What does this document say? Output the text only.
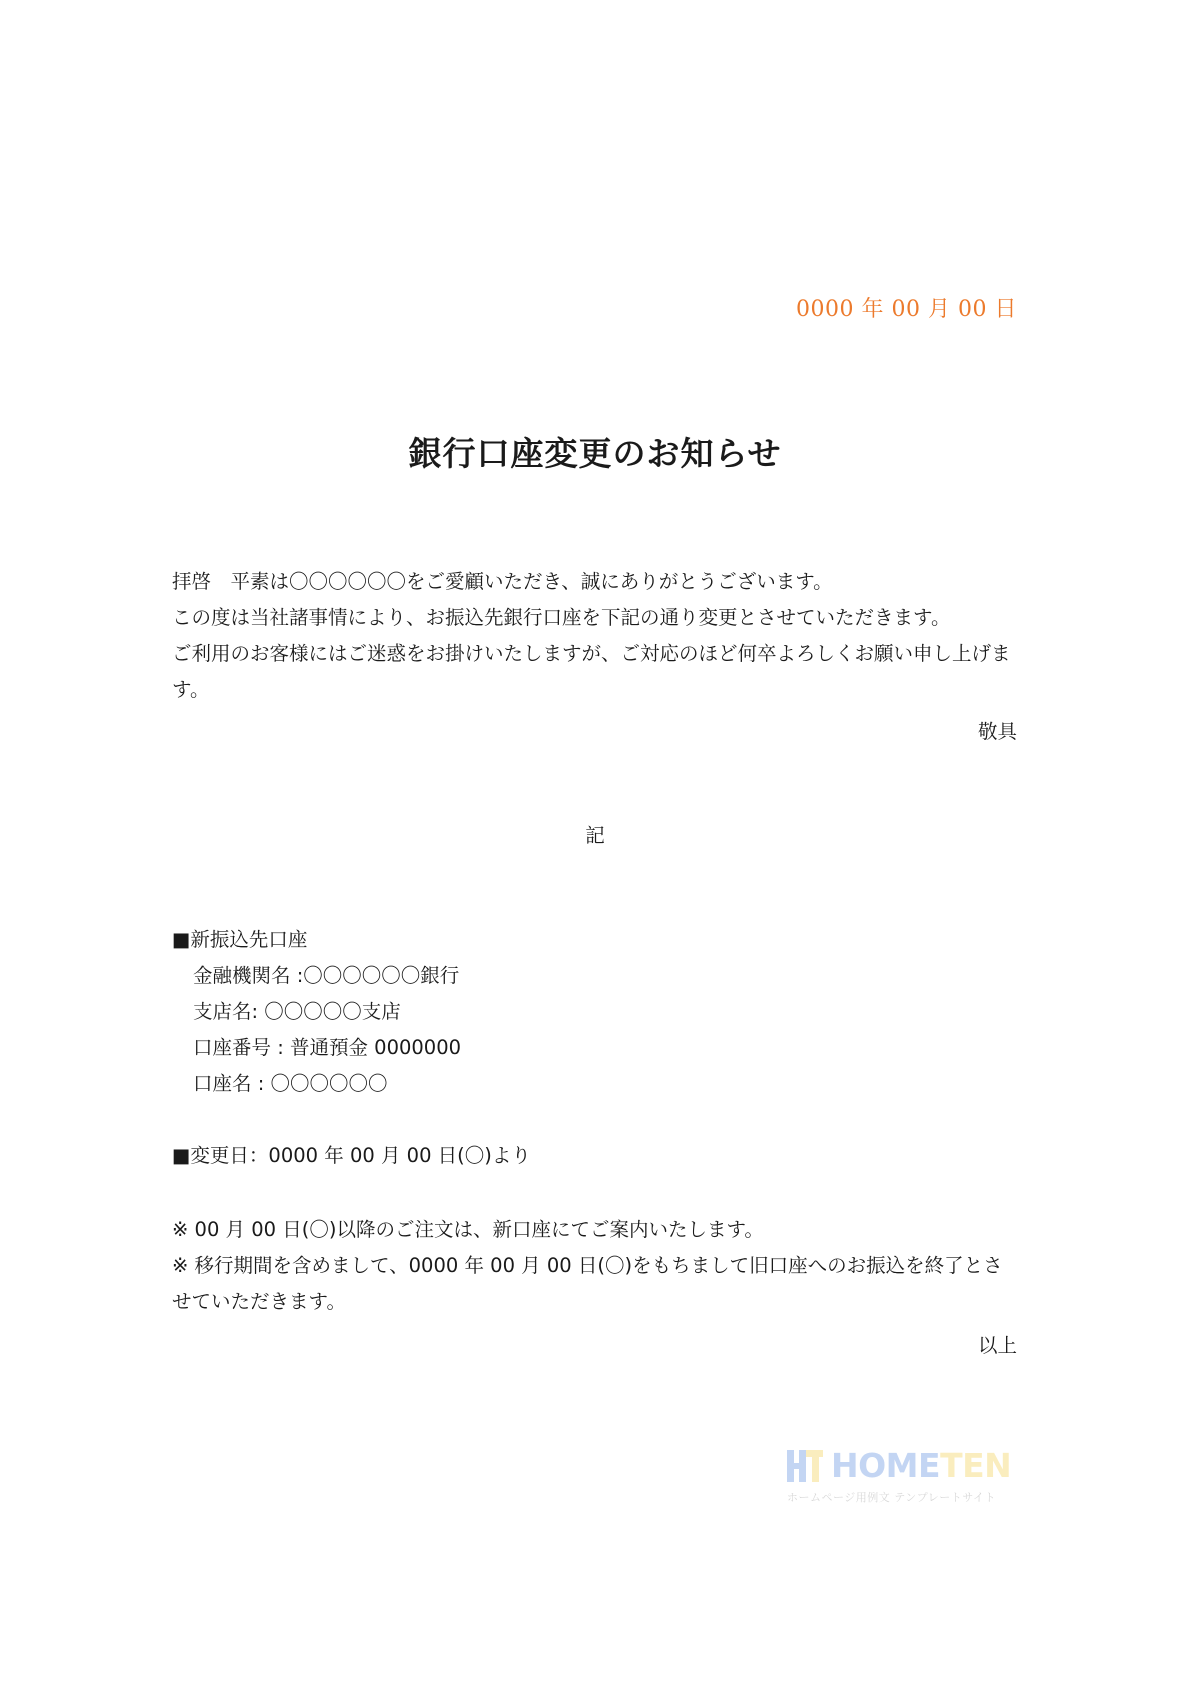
0000 年 00 月 00 日
銀行口座変更のお知らせ

拝啓　平素は〇〇〇〇〇〇をご愛顧いただき、誠にありがとうございます。

この度は当社諸事情により、お振込先銀行口座を下記の通り変更とさせていただきます。

ご利用のお客様にはご迷惑をお掛けいたしますが、ご対応のほど何卒よろしくお願い申し上げます。

敬具
記

■新振込先口座

金融機関名 :〇〇〇〇〇〇銀行

支店名: 〇〇〇〇〇支店

口座番号 : 普通預金 0000000

口座名 : 〇〇〇〇〇〇

■変更日：0000 年 00 月 00 日(〇)より

※ 00 月 00 日(〇)以降のご注文は、新口座にてご案内いたします。

※ 移行期間を含めまして、0000 年 00 月 00 日(〇)をもちまして旧口座へのお振込を終了とさせていただきます。

以上
HOMETEN
ホームページ用例文 テンプレートサイト
